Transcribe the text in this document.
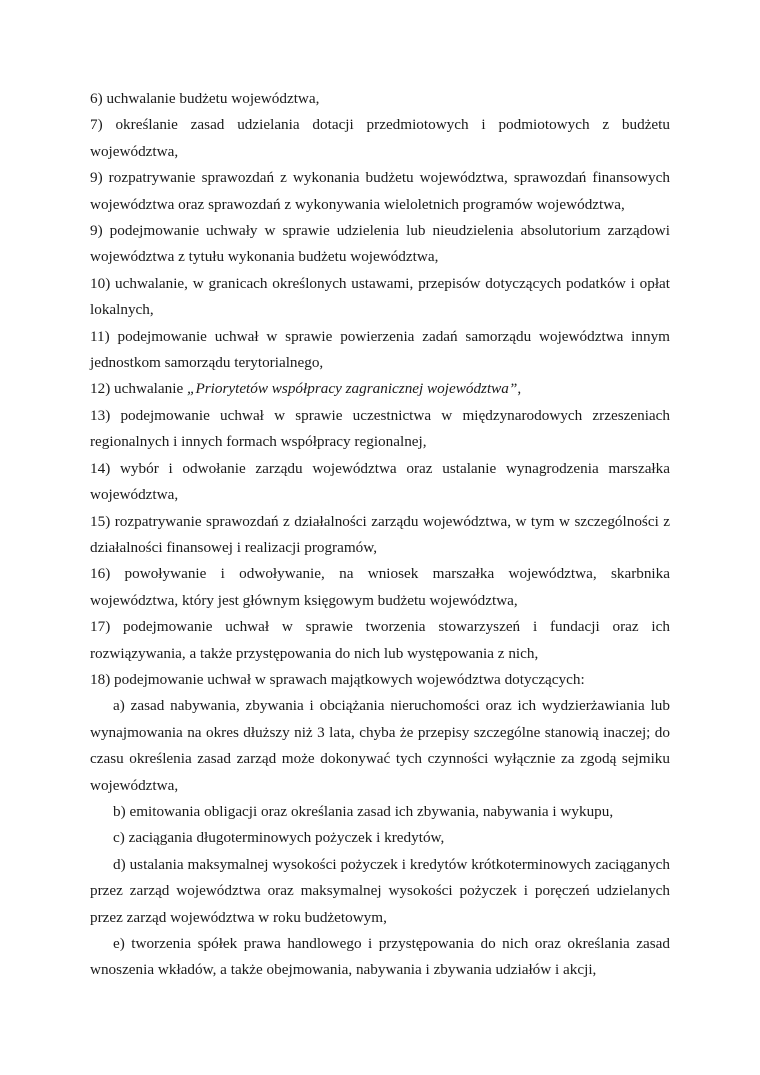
6) uchwalanie budżetu województwa,

7) określanie zasad udzielania dotacji przedmiotowych i podmiotowych z budżetu województwa,

9) rozpatrywanie sprawozdań z wykonania budżetu województwa, sprawozdań finansowych województwa oraz sprawozdań z wykonywania wieloletnich programów województwa,

9) podejmowanie uchwały w sprawie udzielenia lub nieudzielenia absolutorium zarządowi województwa z tytułu wykonania budżetu województwa,

10) uchwalanie, w granicach określonych ustawami, przepisów dotyczących podatków i opłat lokalnych,

11) podejmowanie uchwał w sprawie powierzenia zadań samorządu województwa innym jednostkom samorządu terytorialnego,

12) uchwalanie „Priorytetów współpracy zagranicznej województwa”,

13) podejmowanie uchwał w sprawie uczestnictwa w międzynarodowych zrzeszeniach regionalnych i innych formach współpracy regionalnej,

14) wybór i odwołanie zarządu województwa oraz ustalanie wynagrodzenia marszałka województwa,

15) rozpatrywanie sprawozdań z działalności zarządu województwa, w tym w szczególności z działalności finansowej i realizacji programów,

16) powoływanie i odwoływanie, na wniosek marszałka województwa, skarbnika województwa, który jest głównym księgowym budżetu województwa,

17) podejmowanie uchwał w sprawie tworzenia stowarzyszeń i fundacji oraz ich rozwiązywania, a także przystępowania do nich lub występowania z nich,

18) podejmowanie uchwał w sprawach majątkowych województwa dotyczących:

a) zasad nabywania, zbywania i obciążania nieruchomości oraz ich wydzierżawiania lub wynajmowania na okres dłuższy niż 3 lata, chyba że przepisy szczególne stanowią inaczej; do czasu określenia zasad zarząd może dokonywać tych czynności wyłącznie za zgodą sejmiku województwa,

b) emitowania obligacji oraz określania zasad ich zbywania, nabywania i wykupu,

c) zaciągania długoterminowych pożyczek i kredytów,

d) ustalania maksymalnej wysokości pożyczek i kredytów krótkoterminowych zaciąganych przez zarząd województwa oraz maksymalnej wysokości pożyczek i poręczeń udzielanych przez zarząd województwa w roku budżetowym,

e) tworzenia spółek prawa handlowego i przystępowania do nich oraz określania zasad wnoszenia wkładów, a także obejmowania, nabywania i zbywania udziałów i akcji,
